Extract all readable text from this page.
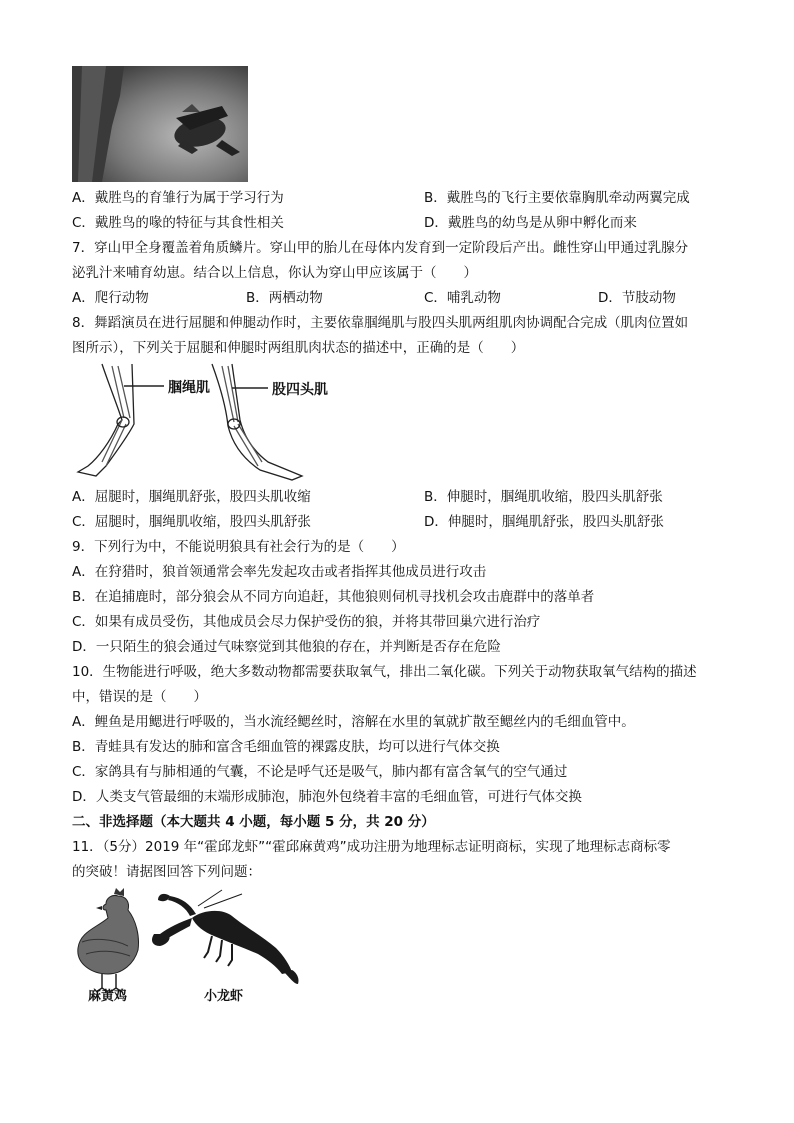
A．戴胜鸟的育雏行为属于学习行为	B．戴胜鸟的飞行主要依靠胸肌牵动两翼完成
C．戴胜鸟的喙的特征与其食性相关	D．戴胜鸟的幼鸟是从卵中孵化而来
7．穿山甲全身覆盖着角质鳞片。穿山甲的胎儿在母体内发育到一定阶段后产出。雌性穿山甲通过乳腺分
泌乳汁来哺育幼崽。结合以上信息，你认为穿山甲应该属于（　　）
A．爬行动物	B．两栖动物	C．哺乳动物	D．节肢动物
8．舞蹈演员在进行屈腿和伸腿动作时，主要依靠腘绳肌与股四头肌两组肌肉协调配合完成（肌肉位置如
图所示），下列关于屈腿和伸腿时两组肌肉状态的描述中，正确的是（　　）
腘绳肌	股四头肌
A．屈腿时，腘绳肌舒张，股四头肌收缩	B．伸腿时，腘绳肌收缩，股四头肌舒张
C．屈腿时，腘绳肌收缩，股四头肌舒张	D．伸腿时，腘绳肌舒张，股四头肌舒张
9．下列行为中，不能说明狼具有社会行为的是（　　）
A．在狩猎时，狼首领通常会率先发起攻击或者指挥其他成员进行攻击
B．在追捕鹿时，部分狼会从不同方向追赶，其他狼则伺机寻找机会攻击鹿群中的落单者
C．如果有成员受伤，其他成员会尽力保护受伤的狼，并将其带回巢穴进行治疗
D．一只陌生的狼会通过气味察觉到其他狼的存在，并判断是否存在危险
10．生物能进行呼吸，绝大多数动物都需要获取氧气，排出二氧化碳。下列关于动物获取氧气结构的描述
中，错误的是（　　）
A．鲤鱼是用鳃进行呼吸的，当水流经鳃丝时，溶解在水里的氧就扩散至鳃丝内的毛细血管中。
B．青蛙具有发达的肺和富含毛细血管的裸露皮肤，均可以进行气体交换
C．家鸽具有与肺相通的气囊，不论是呼气还是吸气，肺内都有富含氧气的空气通过
D．人类支气管最细的末端形成肺泡，肺泡外包绕着丰富的毛细血管，可进行气体交换
二、非选择题（本大题共 4 小题，每小题 5 分，共 20 分）
11．（5分）2019 年“霍邱龙虾”“霍邱麻黄鸡”成功注册为地理标志证明商标，实现了地理标志商标零
的突破！请据图回答下列问题：
麻黄鸡	小龙虾
